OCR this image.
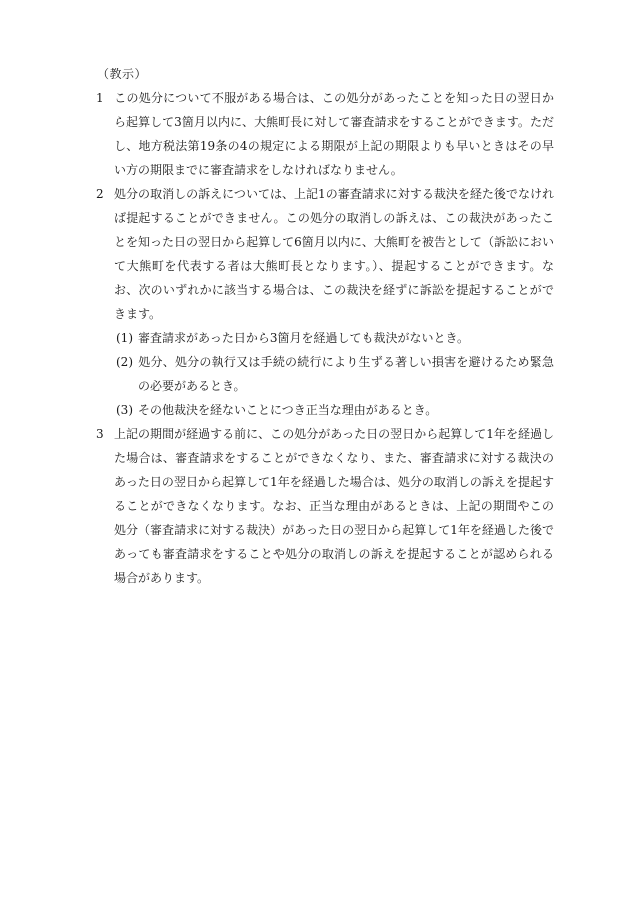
（教示）
1 この処分について不服がある場合は、この処分があったことを知った日の翌日から起算して3箇月以内に、大熊町長に対して審査請求をすることができます。ただし、地方税法第19条の4の規定による期限が上記の期限よりも早いときはその早い方の期限までに審査請求をしなければなりません。
2 処分の取消しの訴えについては、上記1の審査請求に対する裁決を経た後でなければ提起することができません。この処分の取消しの訴えは、この裁決があったことを知った日の翌日から起算して6箇月以内に、大熊町を被告として（訴訟において大熊町を代表する者は大熊町長となります。）、提起することができます。なお、次のいずれかに該当する場合は、この裁決を経ずに訴訟を提起することができます。
(1) 審査請求があった日から3箇月を経過しても裁決がないとき。
(2) 処分、処分の執行又は手続の続行により生ずる著しい損害を避けるため緊急の必要があるとき。
(3) その他裁決を経ないことにつき正当な理由があるとき。
3 上記の期間が経過する前に、この処分があった日の翌日から起算して1年を経過した場合は、審査請求をすることができなくなり、また、審査請求に対する裁決のあった日の翌日から起算して1年を経過した場合は、処分の取消しの訴えを提起することができなくなります。なお、正当な理由があるときは、上記の期間やこの処分（審査請求に対する裁決）があった日の翌日から起算して1年を経過した後であっても審査請求をすることや処分の取消しの訴えを提起することが認められる場合があります。
